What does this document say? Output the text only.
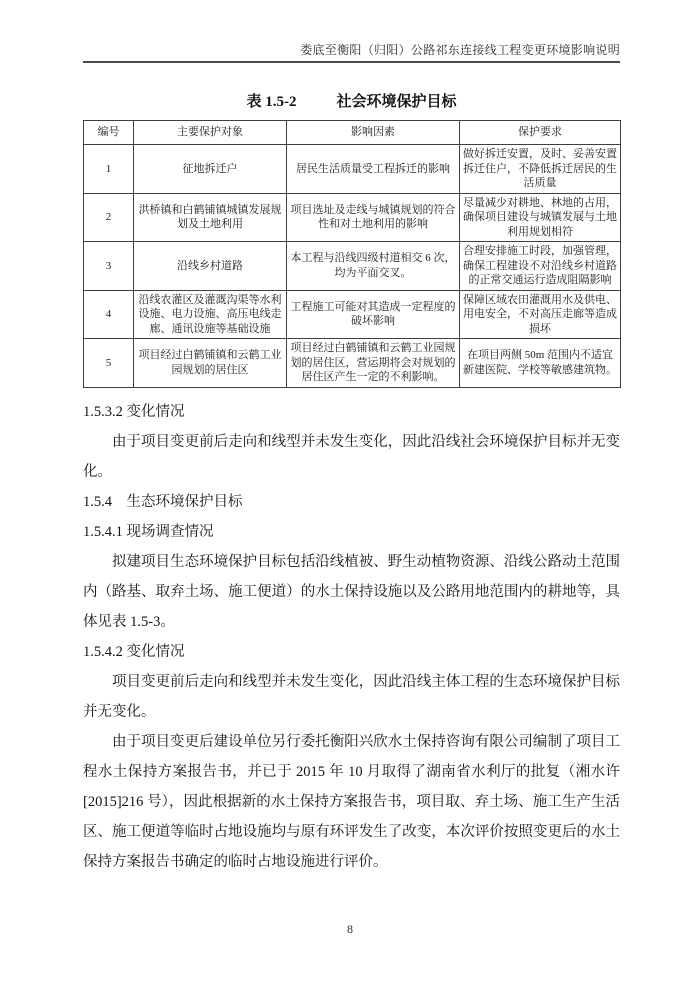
娄底至衡阳（归阳）公路祁东连接线工程变更环境影响说明
表 1.5-2	社会环境保护目标
编号	主要保护对象	影响因素	保护要求
1	征地拆迁户	居民生活质量受工程拆迁的影响	做好拆迁安置，及时、妥善安置拆迁住户，不降低拆迁居民的生活质量
2	洪桥镇和白鹤铺镇城镇发展规划及土地利用	项目选址及走线与城镇规划的符合性和对土地利用的影响	尽量减少对耕地、林地的占用，确保项目建设与城镇发展与土地利用规划相符
3	沿线乡村道路	本工程与沿线四级村道相交 6 次，均为平面交叉。	合理安排施工时段，加强管理，确保工程建设不对沿线乡村道路的正常交通运行造成阻隔影响
4	沿线农灌区及灌溉沟渠等水利设施、电力设施、高压电线走廊、通讯设施等基础设施	工程施工可能对其造成一定程度的破坏影响	保障区域农田灌溉用水及供电、用电安全，不对高压走廊等造成损坏
5	项目经过白鹤铺镇和云鹤工业园规划的居住区	项目经过白鹤铺镇和云鹤工业园规划的居住区，营运期将会对规划的居住区产生一定的不利影响。	在项目两侧 50m 范围内不适宜新建医院、学校等敏感建筑物。

1.5.3.2 变化情况

由于项目变更前后走向和线型并未发生变化，因此沿线社会环境保护目标并无变化。

1.5.4　生态环境保护目标

1.5.4.1 现场调查情况

拟建项目生态环境保护目标包括沿线植被、野生动植物资源、沿线公路动土范围内（路基、取弃土场、施工便道）的水土保持设施以及公路用地范围内的耕地等，具体见表 1.5-3。

1.5.4.2 变化情况

项目变更前后走向和线型并未发生变化，因此沿线主体工程的生态环境保护目标并无变化。

由于项目变更后建设单位另行委托衡阳兴欣水土保持咨询有限公司编制了项目工程水土保持方案报告书，并已于 2015 年 10 月取得了湖南省水利厅的批复（湘水许[2015]216 号），因此根据新的水土保持方案报告书，项目取、弃土场、施工生产生活区、施工便道等临时占地设施均与原有环评发生了改变，本次评价按照变更后的水土保持方案报告书确定的临时占地设施进行评价。

8
